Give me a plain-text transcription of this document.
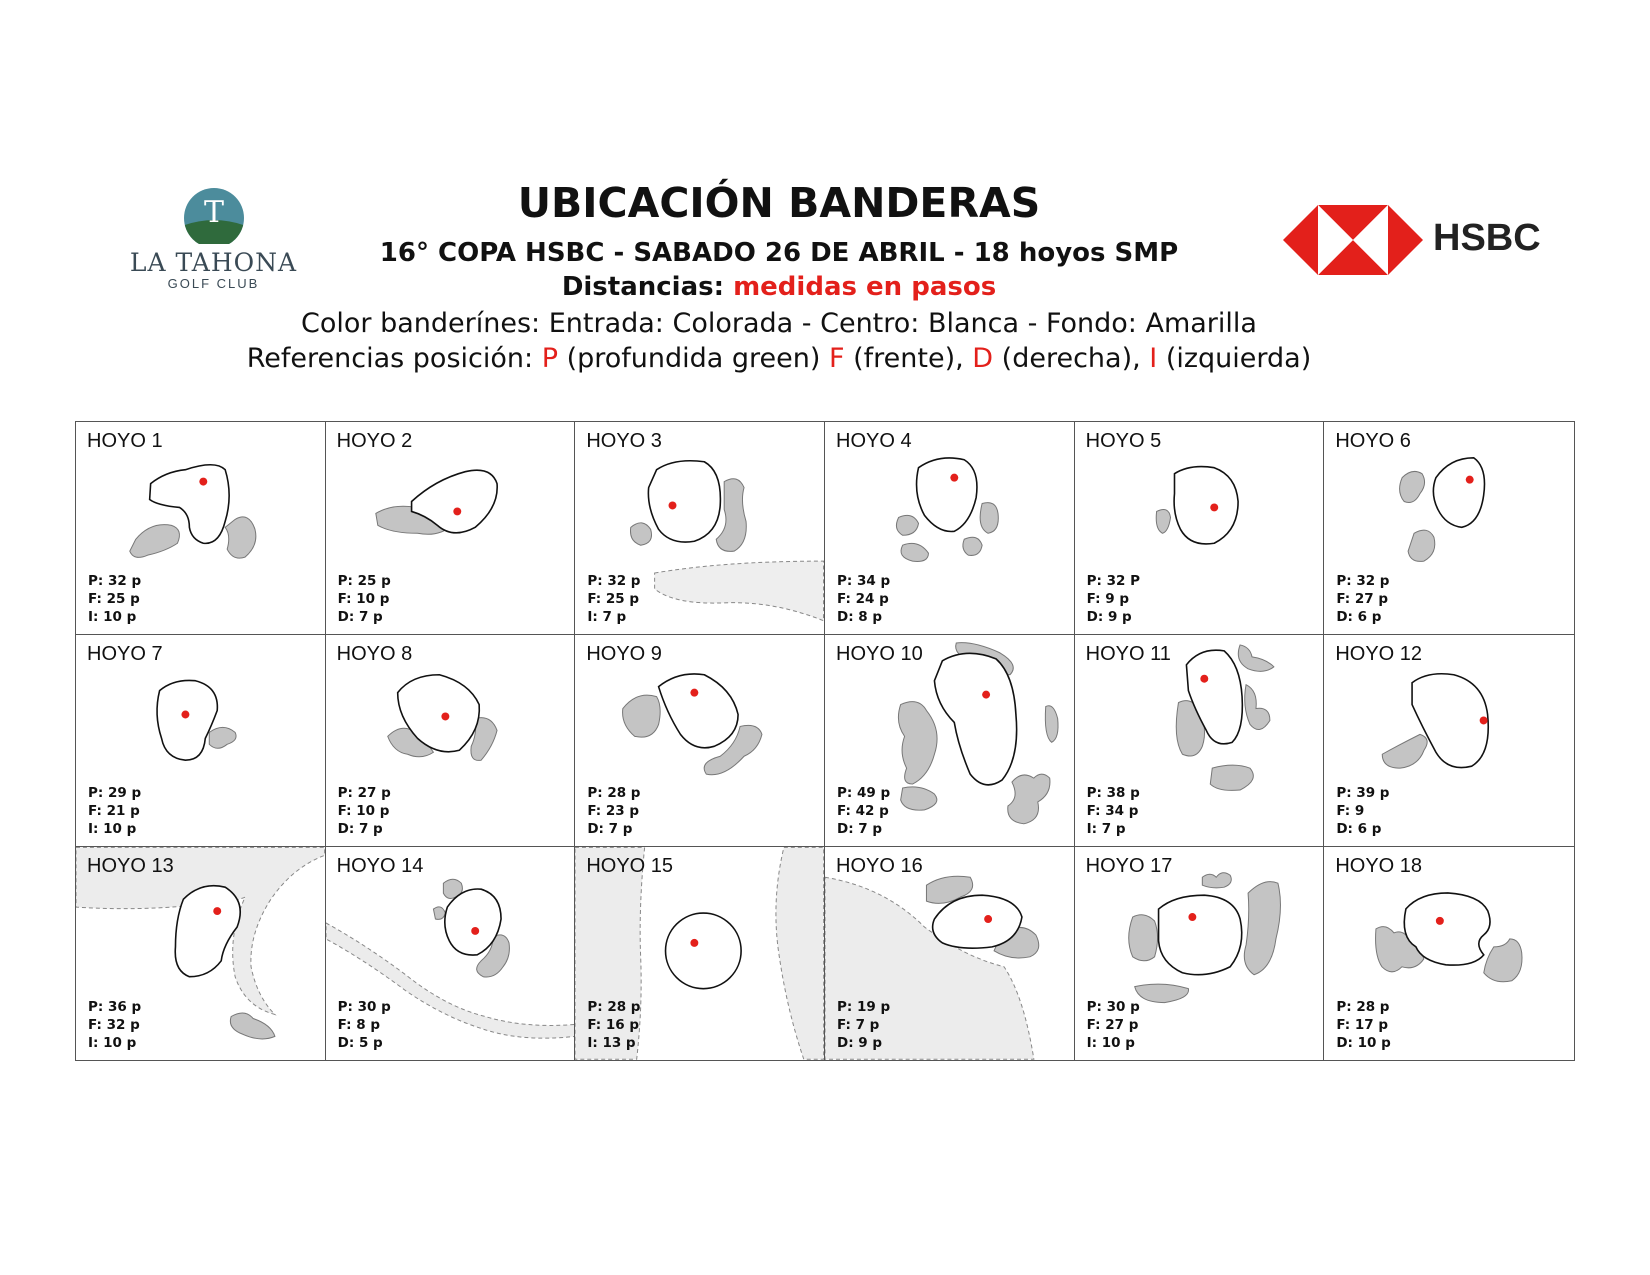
T
LA TAHONA
GOLF CLUB
HSBC
UBICACIÓN BANDERAS
16° COPA HSBC - SABADO 26 DE ABRIL - 18 hoyos SMP
Distancias: medidas en pasos
Color banderínes: Entrada: Colorada - Centro: Blanca - Fondo: Amarilla
Referencias posición: P (profundida green) F (frente), D (derecha), I (izquierda)
HOYO 1
P: 32 p
F: 25 p
I: 10 p
HOYO 2
P: 25 p
F: 10 p
D: 7 p
HOYO 3
P: 32 p
F: 25 p
I: 7 p
HOYO 4
P: 34 p
F: 24 p
D: 8 p
HOYO 5
P: 32 P
F: 9 p
D: 9 p
HOYO 6
P: 32 p
F: 27 p
D: 6 p
HOYO 7
P: 29 p
F: 21 p
I: 10 p
HOYO 8
P: 27 p
F: 10 p
D: 7 p
HOYO 9
P: 28 p
F: 23 p
D: 7 p
HOYO 10
P: 49 p
F: 42 p
D: 7 p
HOYO 11
P: 38 p
F: 34 p
I: 7 p
HOYO 12
P: 39 p
F: 9
D: 6 p
HOYO 13
P: 36 p
F: 32 p
I: 10 p
HOYO 14
P: 30 p
F: 8 p
D: 5 p
HOYO 15
P: 28 p
F: 16 p
I: 13 p
HOYO 16
P: 19 p
F: 7 p
D: 9 p
HOYO 17
P: 30 p
F: 27 p
I: 10 p
HOYO 18
P: 28 p
F: 17 p
D: 10 p
